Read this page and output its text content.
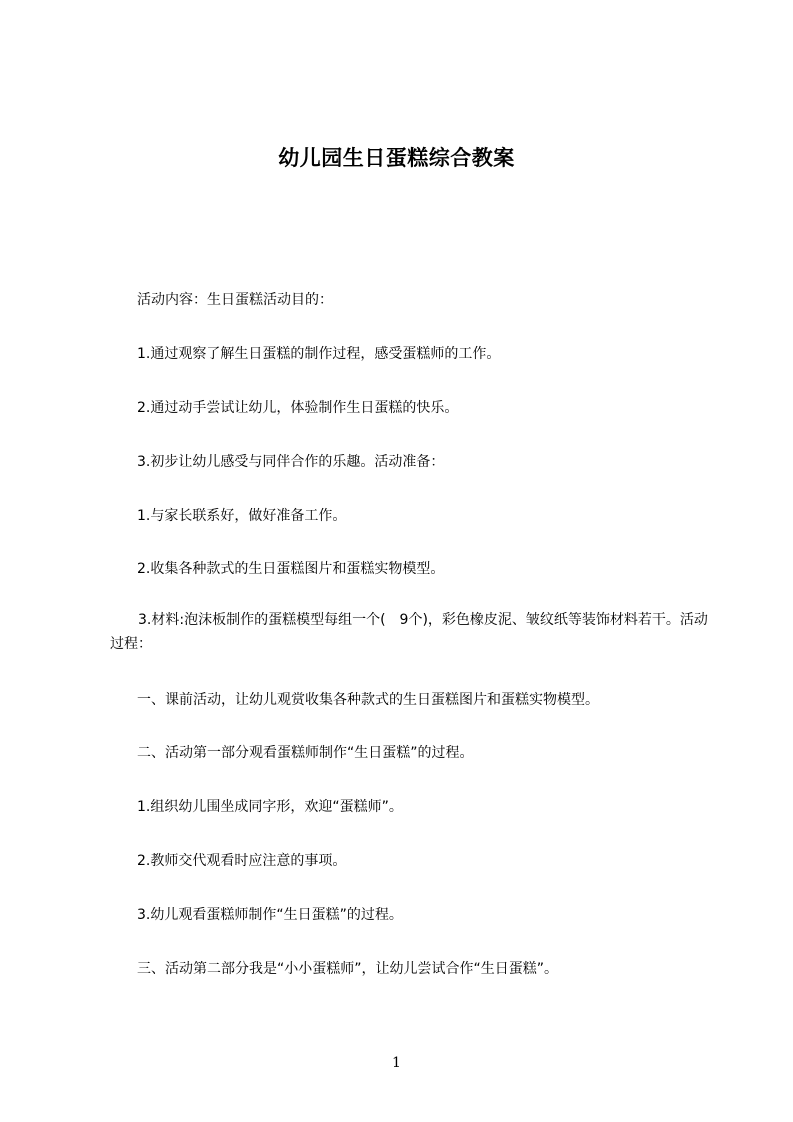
幼儿园生日蛋糕综合教案
活动内容：生日蛋糕活动目的：
1.通过观察了解生日蛋糕的制作过程，感受蛋糕师的工作。
2.通过动手尝试让幼儿，体验制作生日蛋糕的快乐。
3.初步让幼儿感受与同伴合作的乐趣。活动准备：
1.与家长联系好，做好准备工作。
2.收集各种款式的生日蛋糕图片和蛋糕实物模型。
3.材料:泡沫板制作的蛋糕模型每组一个(　9个)，彩色橡皮泥、皱纹纸等装饰材料若干。活动过程：
一、课前活动，让幼儿观赏收集各种款式的生日蛋糕图片和蛋糕实物模型。
二、活动第一部分观看蛋糕师制作“生日蛋糕”的过程。
1.组织幼儿围坐成同字形，欢迎“蛋糕师”。
2.教师交代观看时应注意的事项。
3.幼儿观看蛋糕师制作“生日蛋糕”的过程。
三、活动第二部分我是“小小蛋糕师”，让幼儿尝试合作“生日蛋糕”。
1
